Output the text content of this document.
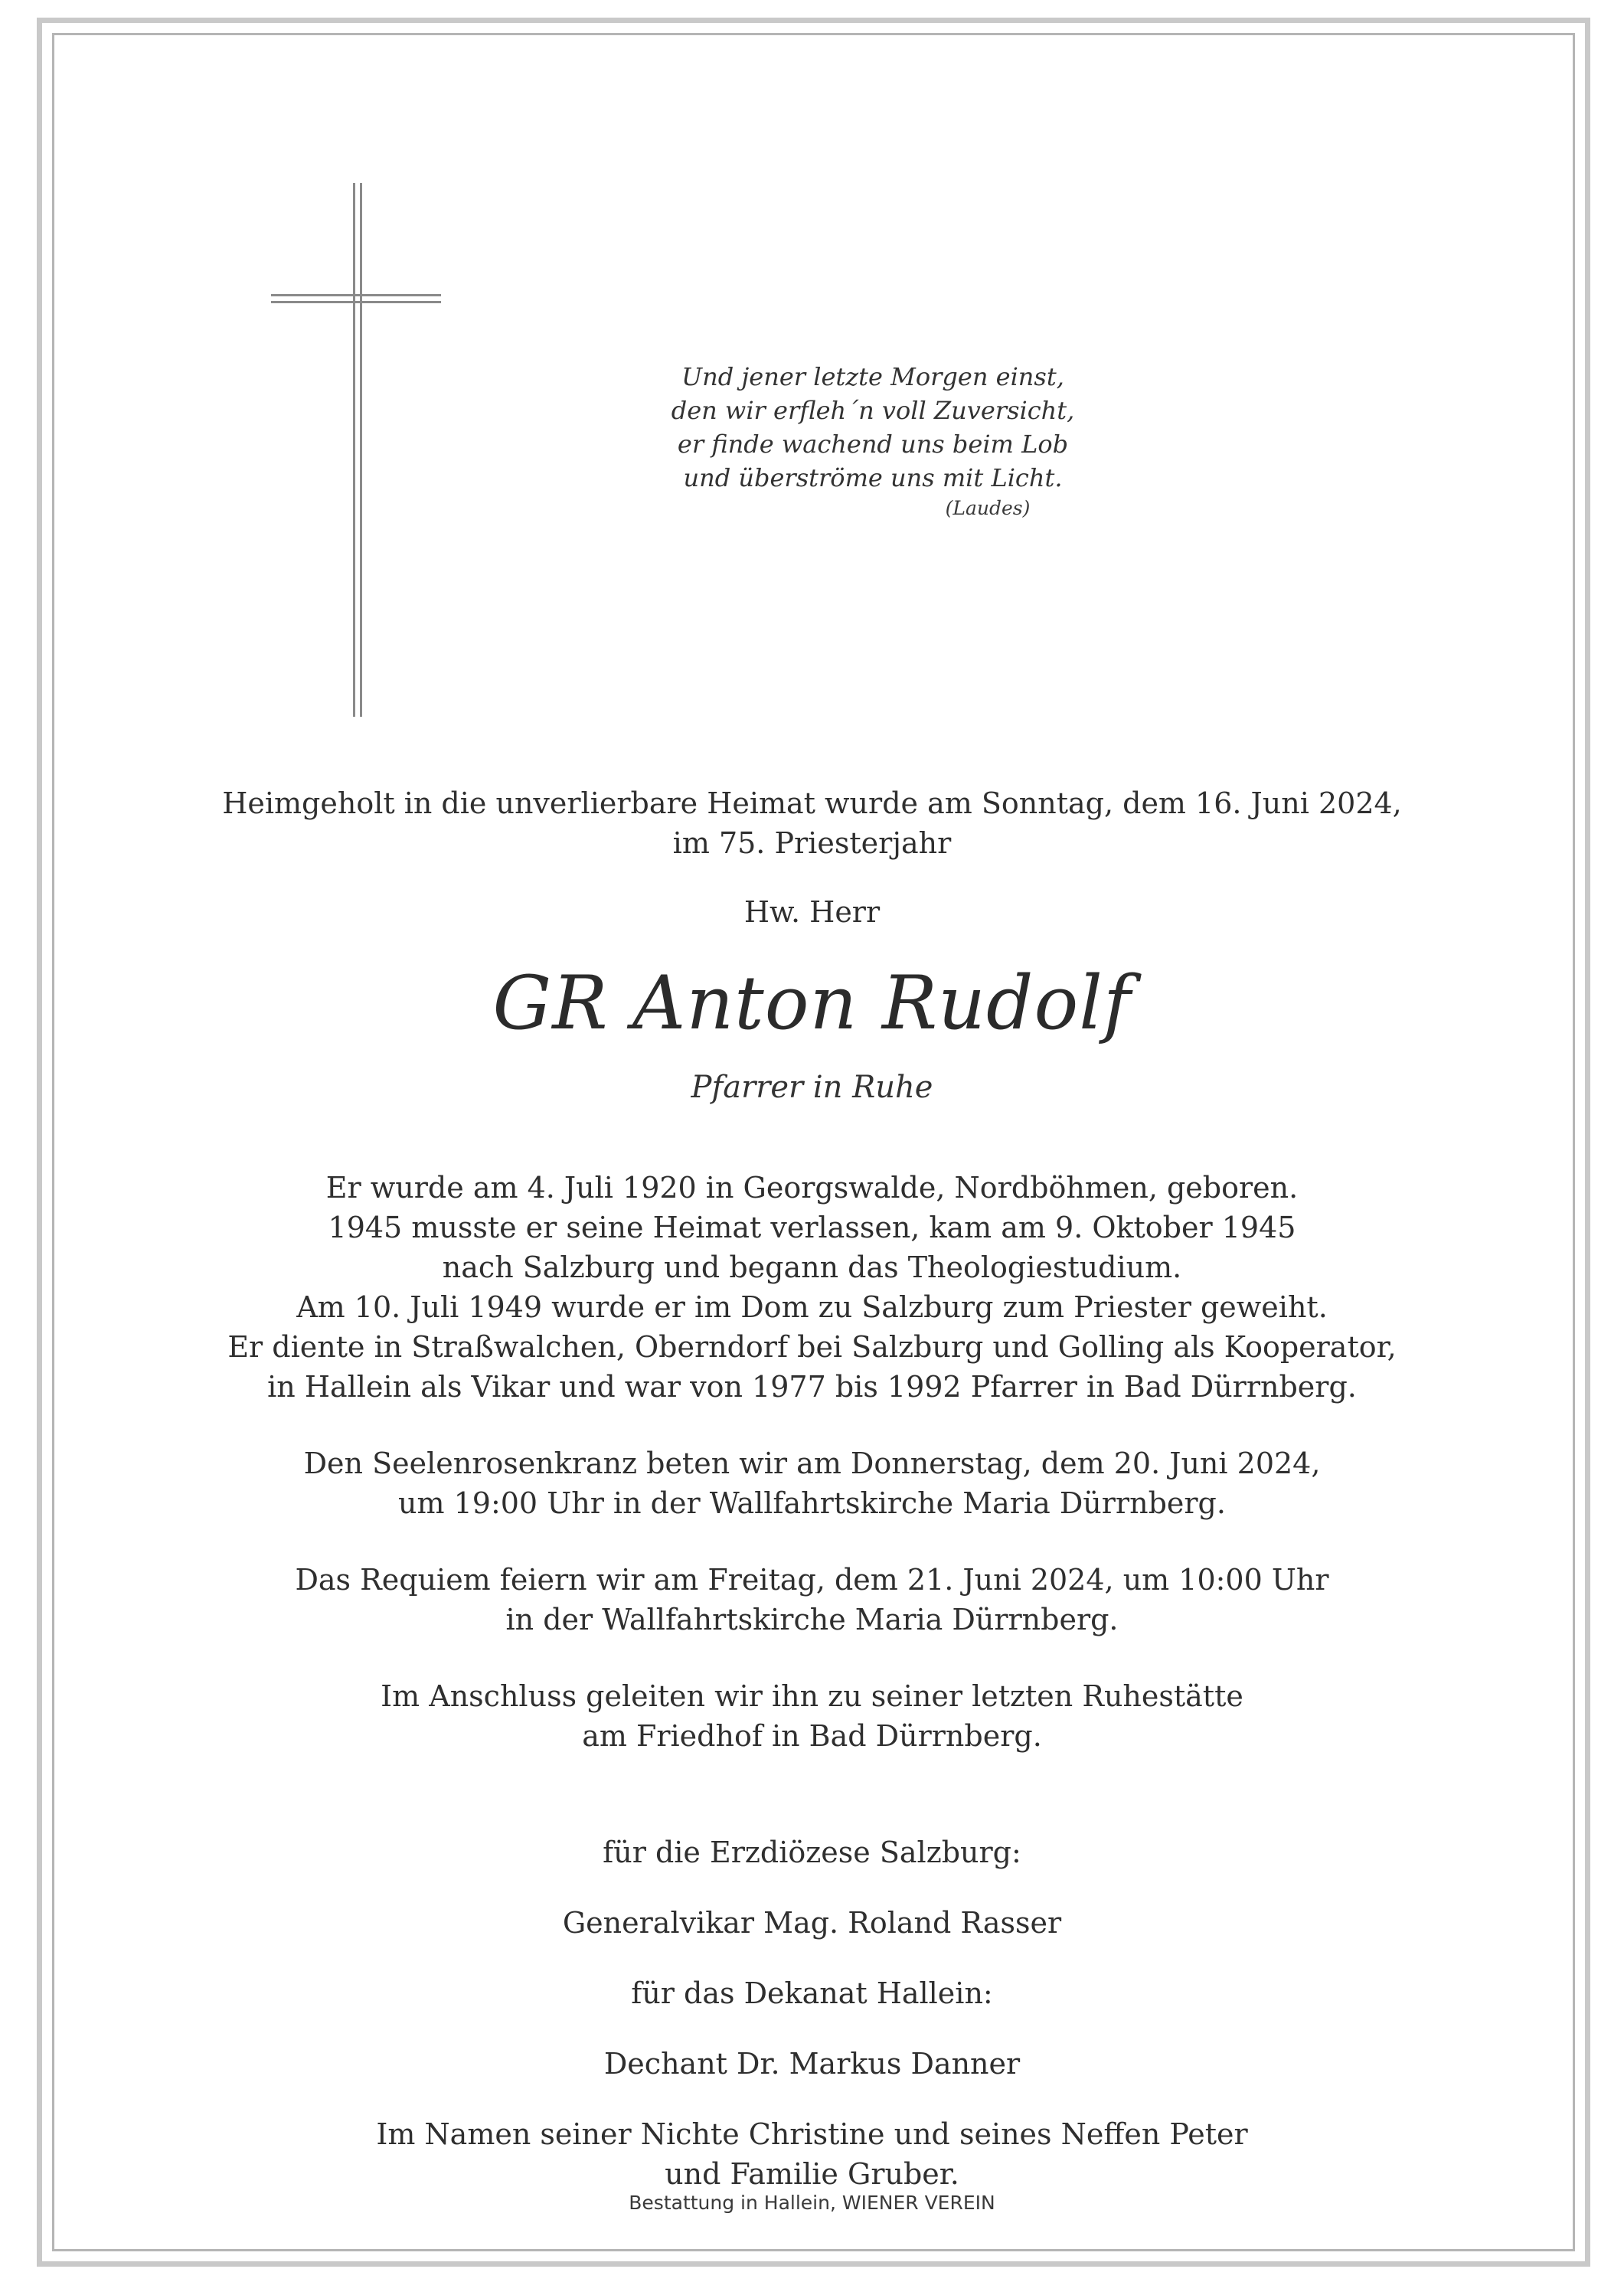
Und jener letzte Morgen einst,
den wir erfleh´n voll Zuversicht,
er finde wachend uns beim Lob
und überströme uns mit Licht.
(Laudes)

Heimgeholt in die unverlierbare Heimat wurde am Sonntag, dem 16. Juni 2024,
im 75. Priesterjahr

Hw. Herr
GR Anton Rudolf
Pfarrer in Ruhe

Er wurde am 4. Juli 1920 in Georgswalde, Nordböhmen, geboren.
1945 musste er seine Heimat verlassen, kam am 9. Oktober 1945
nach Salzburg und begann das Theologiestudium.
Am 10. Juli 1949 wurde er im Dom zu Salzburg zum Priester geweiht.
Er diente in Straßwalchen, Oberndorf bei Salzburg und Golling als Kooperator,
in Hallein als Vikar und war von 1977 bis 1992 Pfarrer in Bad Dürrnberg.

Den Seelenrosenkranz beten wir am Donnerstag, dem 20. Juni 2024,
um 19:00 Uhr in der Wallfahrtskirche Maria Dürrnberg.

Das Requiem feiern wir am Freitag, dem 21. Juni 2024, um 10:00 Uhr
in der Wallfahrtskirche Maria Dürrnberg.

Im Anschluss geleiten wir ihn zu seiner letzten Ruhestätte
am Friedhof in Bad Dürrnberg.

für die Erzdiözese Salzburg:
Generalvikar Mag. Roland Rasser
für das Dekanat Hallein:
Dechant Dr. Markus Danner

Im Namen seiner Nichte Christine und seines Neffen Peter
und Familie Gruber.

Bestattung in Hallein, WIENER VEREIN
